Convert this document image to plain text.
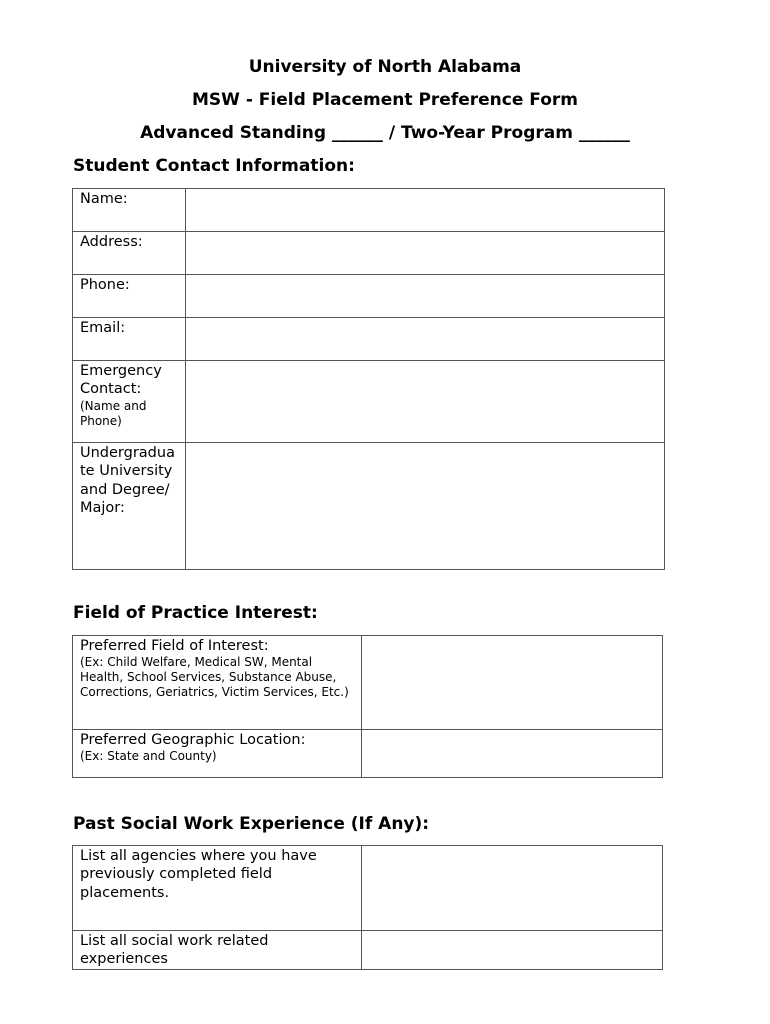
University of North Alabama
MSW - Field Placement Preference Form
Advanced Standing ______ / Two-Year Program ______
Student Contact Information:
Name:	
Address:	
Phone:	
Email:	
Emergency Contact:
(Name and Phone)	

Undergraduate University and Degree/Major:	
Field of Practice Interest:
Preferred Field of Interest:
(Ex: Child Welfare, Medical SW, Mental Health, School Services, Substance Abuse, Corrections, Geriatrics, Victim Services, Etc.)	

Preferred Geographic Location:
(Ex: State and County)	

Past Social Work Experience (If Any):
List all agencies where you have previously completed field placements.	
List all social work related experiences	
